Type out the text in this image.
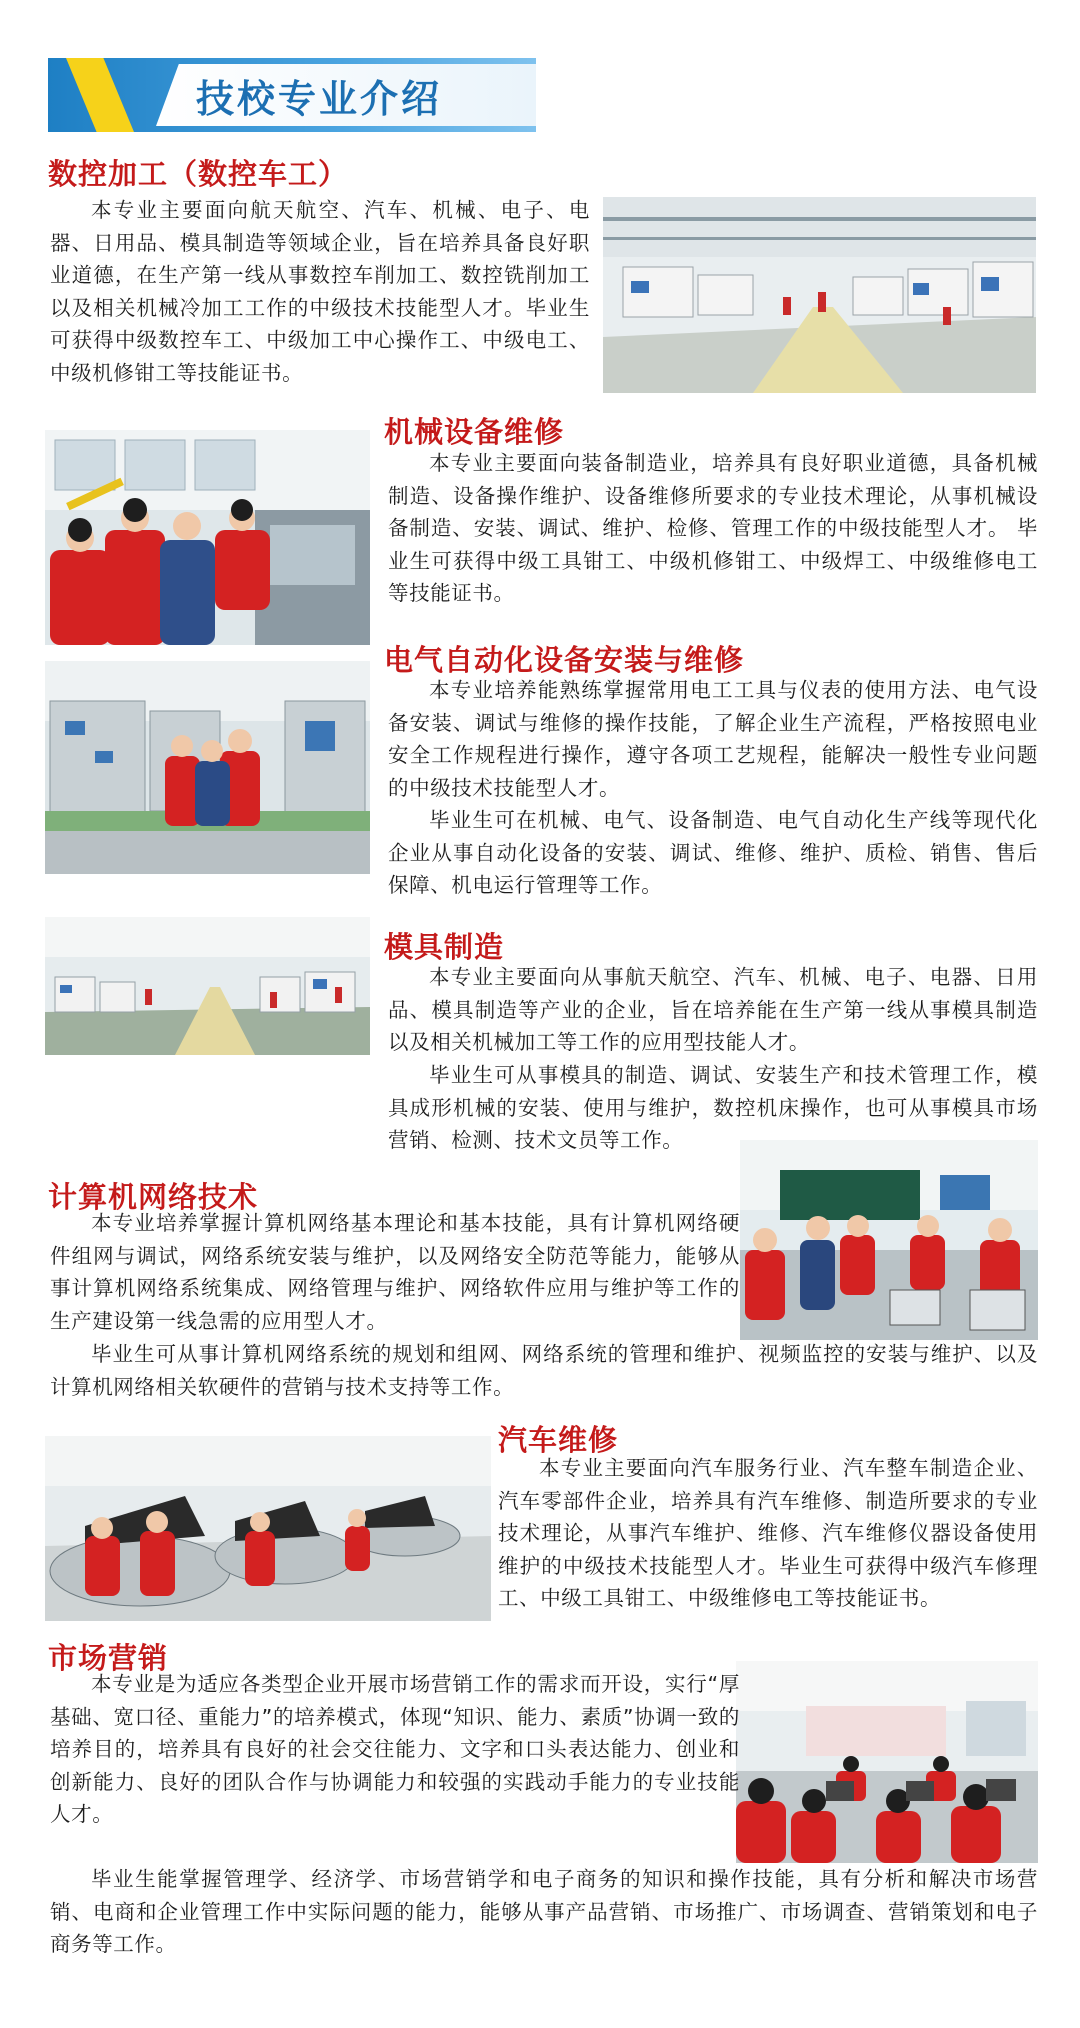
技校专业介绍
数控加工（数控车工）
本专业主要面向航天航空、汽车、机械、电子、电器、日用品、模具制造等领域企业，旨在培养具备良好职业道德，在生产第一线从事数控车削加工、数控铣削加工以及相关机械冷加工工作的中级技术技能型人才。毕业生可获得中级数控车工、中级加工中心操作工、中级电工、中级机修钳工等技能证书。
机械设备维修
本专业主要面向装备制造业，培养具有良好职业道德，具备机械制造、设备操作维护、设备维修所要求的专业技术理论，从事机械设备制造、安装、调试、维护、检修、管理工作的中级技能型人才。 毕业生可获得中级工具钳工、中级机修钳工、中级焊工、中级维修电工等技能证书。
电气自动化设备安装与维修
本专业培养能熟练掌握常用电工工具与仪表的使用方法、电气设备安装、调试与维修的操作技能，了解企业生产流程，严格按照电业安全工作规程进行操作，遵守各项工艺规程，能解决一般性专业问题的中级技术技能型人才。
毕业生可在机械、电气、设备制造、电气自动化生产线等现代化企业从事自动化设备的安装、调试、维修、维护、质检、销售、售后保障、机电运行管理等工作。
模具制造
本专业主要面向从事航天航空、汽车、机械、电子、电器、日用品、模具制造等产业的企业，旨在培养能在生产第一线从事模具制造以及相关机械加工等工作的应用型技能人才。
毕业生可从事模具的制造、调试、安装生产和技术管理工作，模具成形机械的安装、使用与维护，数控机床操作，也可从事模具市场营销、检测、技术文员等工作。
计算机网络技术
本专业培养掌握计算机网络基本理论和基本技能，具有计算机网络硬件组网与调试，网络系统安装与维护，以及网络安全防范等能力，能够从事计算机网络系统集成、网络管理与维护、网络软件应用与维护等工作的生产建设第一线急需的应用型人才。
毕业生可从事计算机网络系统的规划和组网、网络系统的管理和维护、视频监控的安装与维护、以及计算机网络相关软硬件的营销与技术支持等工作。
汽车维修
本专业主要面向汽车服务行业、汽车整车制造企业、汽车零部件企业，培养具有汽车维修、制造所要求的专业技术理论，从事汽车维护、维修、汽车维修仪器设备使用维护的中级技术技能型人才。毕业生可获得中级汽车修理工、中级工具钳工、中级维修电工等技能证书。
市场营销
本专业是为适应各类型企业开展市场营销工作的需求而开设，实行“厚基础、宽口径、重能力”的培养模式，体现“知识、能力、素质”协调一致的培养目的，培养具有良好的社会交往能力、文字和口头表达能力、创业和创新能力、良好的团队合作与协调能力和较强的实践动手能力的专业技能人才。
毕业生能掌握管理学、经济学、市场营销学和电子商务的知识和操作技能，具有分析和解决市场营销、电商和企业管理工作中实际问题的能力，能够从事产品营销、市场推广、市场调查、营销策划和电子商务等工作。
